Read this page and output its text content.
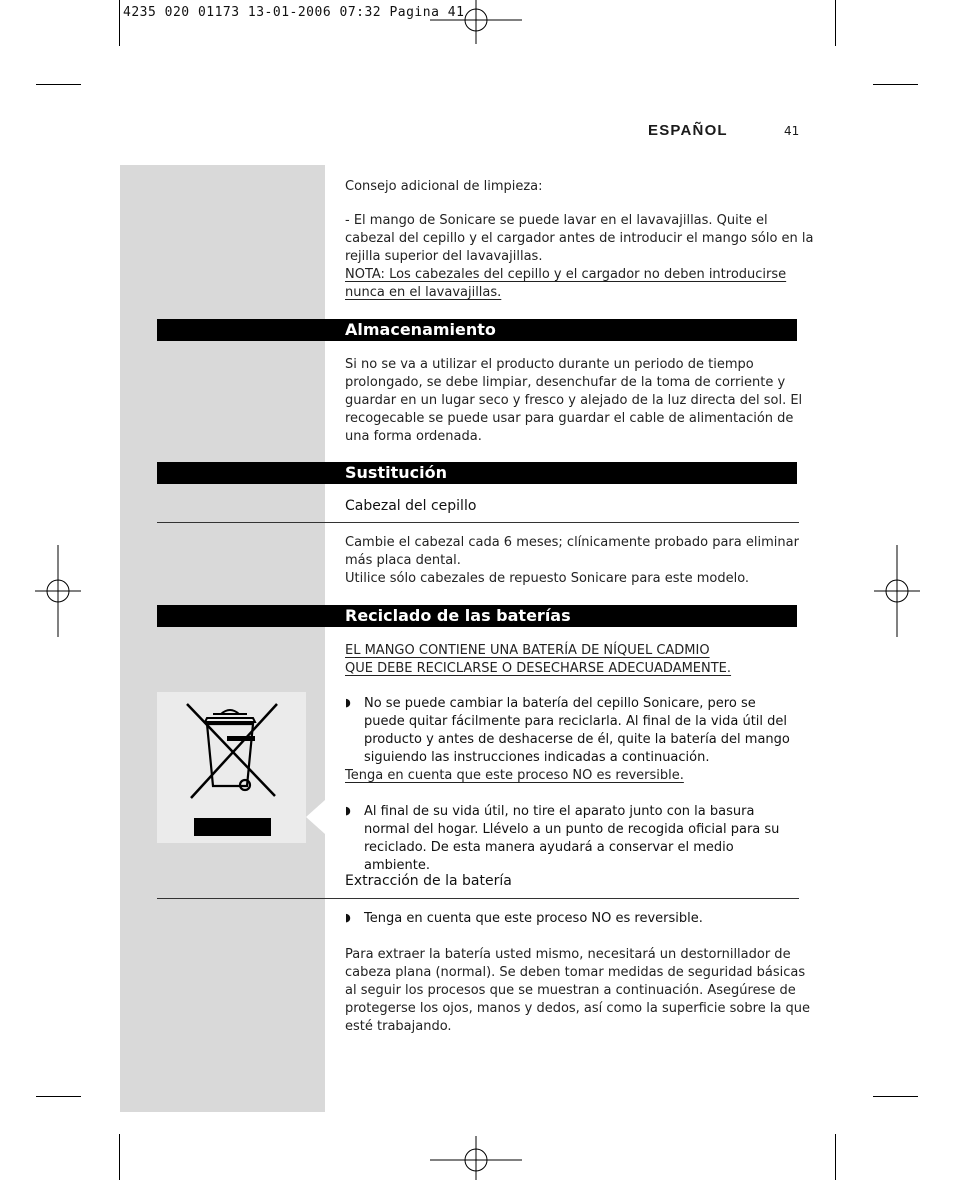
4235 020 01173 13-01-2006 07:32 Pagina 41
ESPAÑOL	41
Consejo adicional de limpieza:
- El mango de Sonicare se puede lavar en el lavavajillas. Quite el
cabezal del cepillo y el cargador antes de introducir el mango sólo en la
rejilla superior del lavavajillas.
NOTA: Los cabezales del cepillo y el cargador no deben introducirse
nunca en el lavavajillas.
Almacenamiento
Si no se va a utilizar el producto durante un periodo de tiempo
prolongado, se debe limpiar, desenchufar de la toma de corriente y
guardar en un lugar seco y fresco y alejado de la luz directa del sol. El
recogecable se puede usar para guardar el cable de alimentación de
una forma ordenada.
Sustitución
Cabezal del cepillo
Cambie el cabezal cada 6 meses; clínicamente probado para eliminar
más placa dental.
Utilice sólo cabezales de repuesto Sonicare para este modelo.
Reciclado de las baterías
EL MANGO CONTIENE UNA BATERÍA DE NÍQUEL CADMIO
QUE DEBE RECICLARSE O DESECHARSE ADECUADAMENTE.
◗ No se puede cambiar la batería del cepillo Sonicare, pero se
puede quitar fácilmente para reciclarla. Al final de la vida útil del
producto y antes de deshacerse de él, quite la batería del mango
siguiendo las instrucciones indicadas a continuación.
Tenga en cuenta que este proceso NO es reversible.
◗ Al final de su vida útil, no tire el aparato junto con la basura
normal del hogar. Llévelo a un punto de recogida oficial para su
reciclado. De esta manera ayudará a conservar el medio ambiente.
Extracción de la batería
◗ Tenga en cuenta que este proceso NO es reversible.
Para extraer la batería usted mismo, necesitará un destornillador de
cabeza plana (normal). Se deben tomar medidas de seguridad básicas
al seguir los procesos que se muestran a continuación. Asegúrese de
protegerse los ojos, manos y dedos, así como la superficie sobre la que
esté trabajando.
